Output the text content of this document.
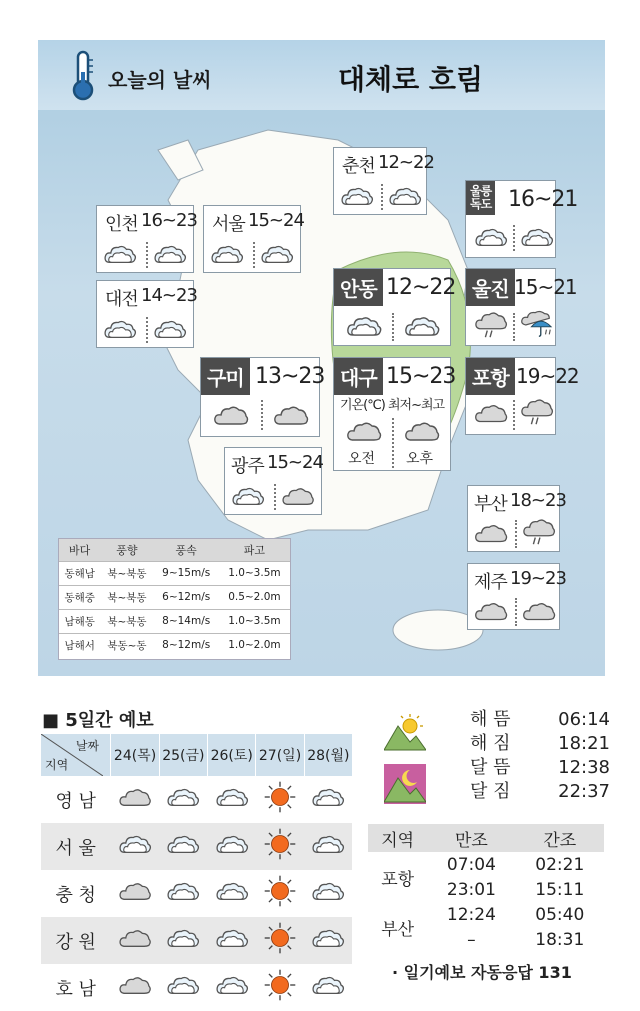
오늘의 날씨	대체로 흐림
춘천 12~22
울릉
독도 16~21
인천 16~23 서울 15~24
대전 14~23	안동 12~22 울진 15~21
구미 13~23 대구 15~23
기온(℃) 최저~최고
오전 오후
포항 19~22
광주 15~24
부산 18~23
제주 19~23
바다	풍향	풍속	파고
동해남	북~북동	9~15m/s	1.0~3.5m
동해중	북~북동	6~12m/s	0.5~2.0m
남해동	북~북동	8~14m/s	1.0~3.5m
남해서	북동~동	8~12m/s	1.0~2.0m
■ 5일간 예보
날짜
지역	24(목)	25(금)	26(토)	27(일)	28(월)
영 남					
서 울					
충 청					
강 원					
호 남					
해 뜸	06:14
해 짐	18:21
달 뜸	12:38
달 짐	22:37
지역	만조	간조
포항	07:04	02:21
	23:01	15:11
부산	12:24	05:40
	–	18:31
· 일기예보 자동응답 131
